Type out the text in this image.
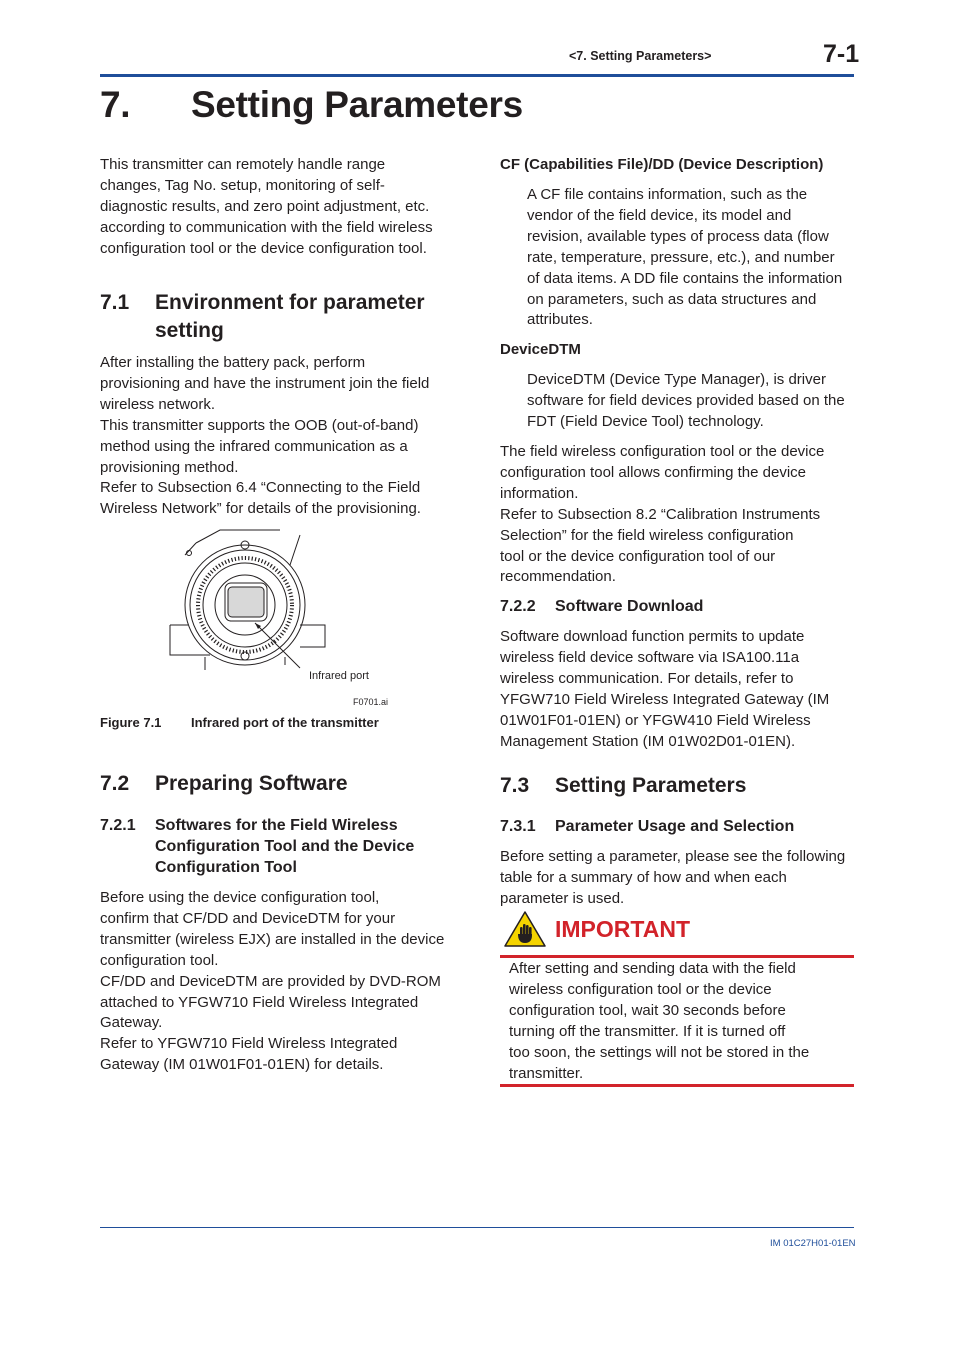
<7. Setting Parameters>	7-1
7. Setting Parameters

This transmitter can remotely handle range
changes, Tag No. setup, monitoring of self-
diagnostic results, and zero point adjustment, etc.
according to communication with the field wireless
configuration tool or the device configuration tool.

7.1 Environment for parameter
setting

After installing the battery pack, perform
provisioning and have the instrument join the field
wireless network.
This transmitter supports the OOB (out-of-band)
method using the infrared communication as a
provisioning method.
Refer to Subsection 6.4 “Connecting to the Field
Wireless Network” for details of the provisioning.

Infrared port
F0701.ai
Figure 7.1 Infrared port of the transmitter
7.2 Preparing Software
7.2.1 Softwares for the Field Wireless
Configuration Tool and the Device
Configuration Tool

Before using the device configuration tool,
confirm that CF/DD and DeviceDTM for your
transmitter (wireless EJX) are installed in the device
configuration tool.
CF/DD and DeviceDTM are provided by DVD-ROM
attached to YFGW710 Field Wireless Integrated
Gateway.
Refer to YFGW710 Field Wireless Integrated
Gateway (IM 01W01F01-01EN) for details.

CF (Capabilities File)/DD (Device Description)

A CF file contains information, such as the
vendor of the field device, its model and
revision, available types of process data (flow
rate, temperature, pressure, etc.), and number
of data items. A DD file contains the information
on parameters, such as data structures and
attributes.

DeviceDTM

DeviceDTM (Device Type Manager), is driver
software for field devices provided based on the
FDT (Field Device Tool) technology.

The field wireless configuration tool or the device
configuration tool allows confirming the device
information.
Refer to Subsection 8.2 “Calibration Instruments
Selection” for the field wireless configuration
tool or the device configuration tool of our
recommendation.

7.2.2 Software Download

Software download function permits to update
wireless field device software via ISA100.11a
wireless communication. For details, refer to
YFGW710 Field Wireless Integrated Gateway (IM
01W01F01-01EN) or YFGW410 Field Wireless
Management Station (IM 01W02D01-01EN).

7.3 Setting Parameters
7.3.1 Parameter Usage and Selection

Before setting a parameter, please see the following
table for a summary of how and when each
parameter is used.

IMPORTANT

After setting and sending data with the field
wireless configuration tool or the device
configuration tool, wait 30 seconds before
turning off the transmitter. If it is turned off
too soon, the settings will not be stored in the
transmitter.

IM 01C27H01-01EN
